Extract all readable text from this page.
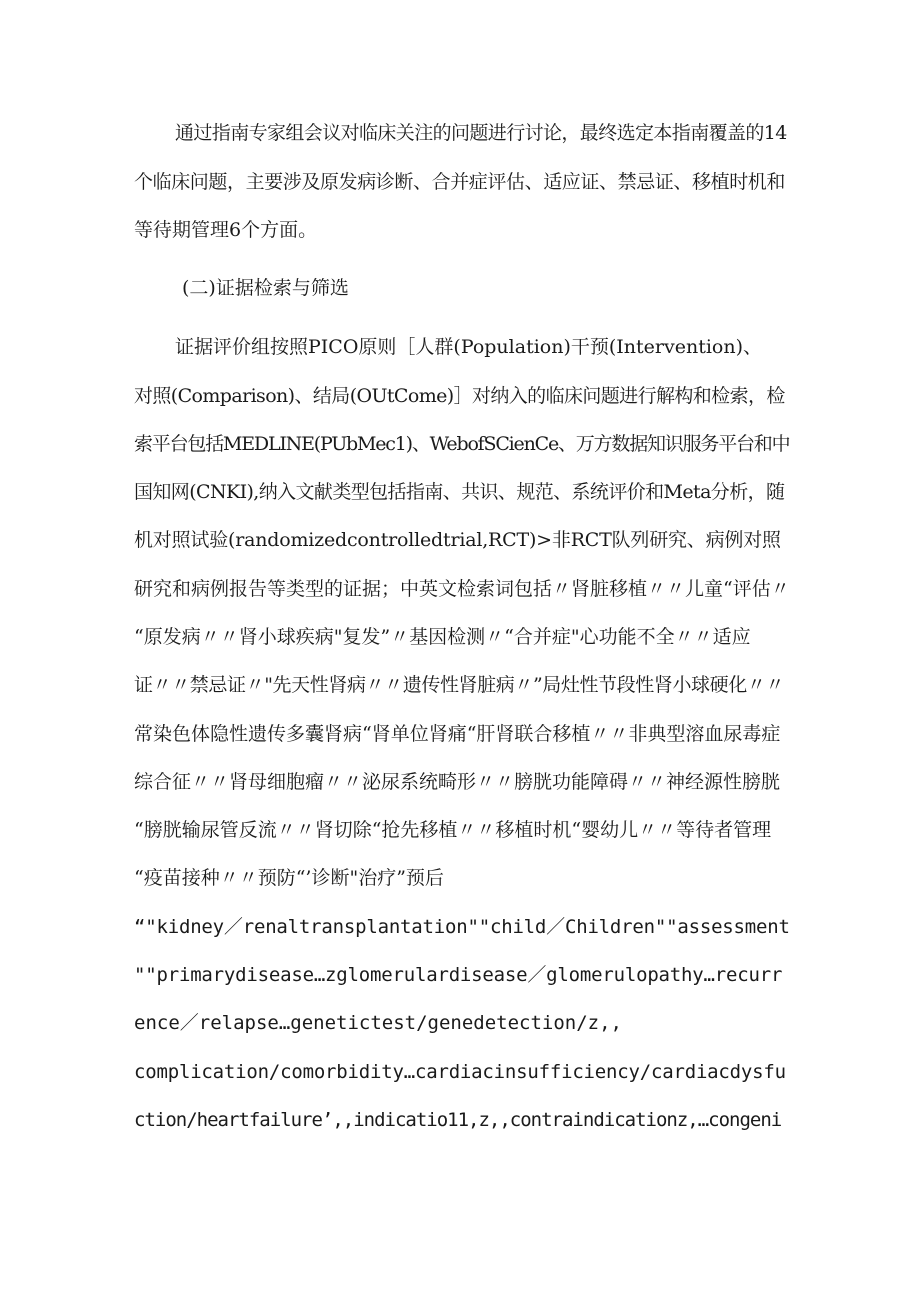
通过指南专家组会议对临床关注的问题进行讨论，最终选定本指南覆盖的14
个临床问题，主要涉及原发病诊断、合并症评估、适应证、禁忌证、移植时机和
等待期管理6个方面。
(二)证据检索与筛选
证据评价组按照PICO原则［人群(Population)干预(Intervention)、
对照(Comparison)、结局(OUtCome)］对纳入的临床问题进行解构和检索，检
索平台包括MEDLINE(PUbMec1)、WebofSCienCe、万方数据知识服务平台和中
国知网(CNKI),纳入文献类型包括指南、共识、规范、系统评价和Meta分析，随
机对照试验(randomizedcontrolledtrial,RCT)>非RCT队列研究、病例对照
研究和病例报告等类型的证据；中英文检索词包括〃肾脏移植〃〃儿童“评估〃
“原发病〃〃肾小球疾病"复发”〃基因检测〃“合并症"心功能不全〃〃适应
证〃〃禁忌证〃"先天性肾病〃〃遗传性肾脏病〃”局灶性节段性肾小球硬化〃〃
常染色体隐性遗传多囊肾病“肾单位肾痛“肝肾联合移植〃〃非典型溶血尿毒症
综合征〃〃肾母细胞瘤〃〃泌尿系统畸形〃〃膀胱功能障碍〃〃神经源性膀胱
“膀胱输尿管反流〃〃肾切除“抢先移植〃〃移植时机“婴幼儿〃〃等待者管理
“疫苗接种〃〃预防“’诊断"治疗”预后
“"kidney／renaltransplantation""child／Children""assessment
""primarydisease…zglomerulardisease／glomerulopathy…recurr
ence／relapse…genetictest/genedetection/z,,
complication/comorbidity…cardiacinsufficiency/cardiacdysfu
ction/heartfailure’,,indicatio11,z,,contraindicationz,…congeni
